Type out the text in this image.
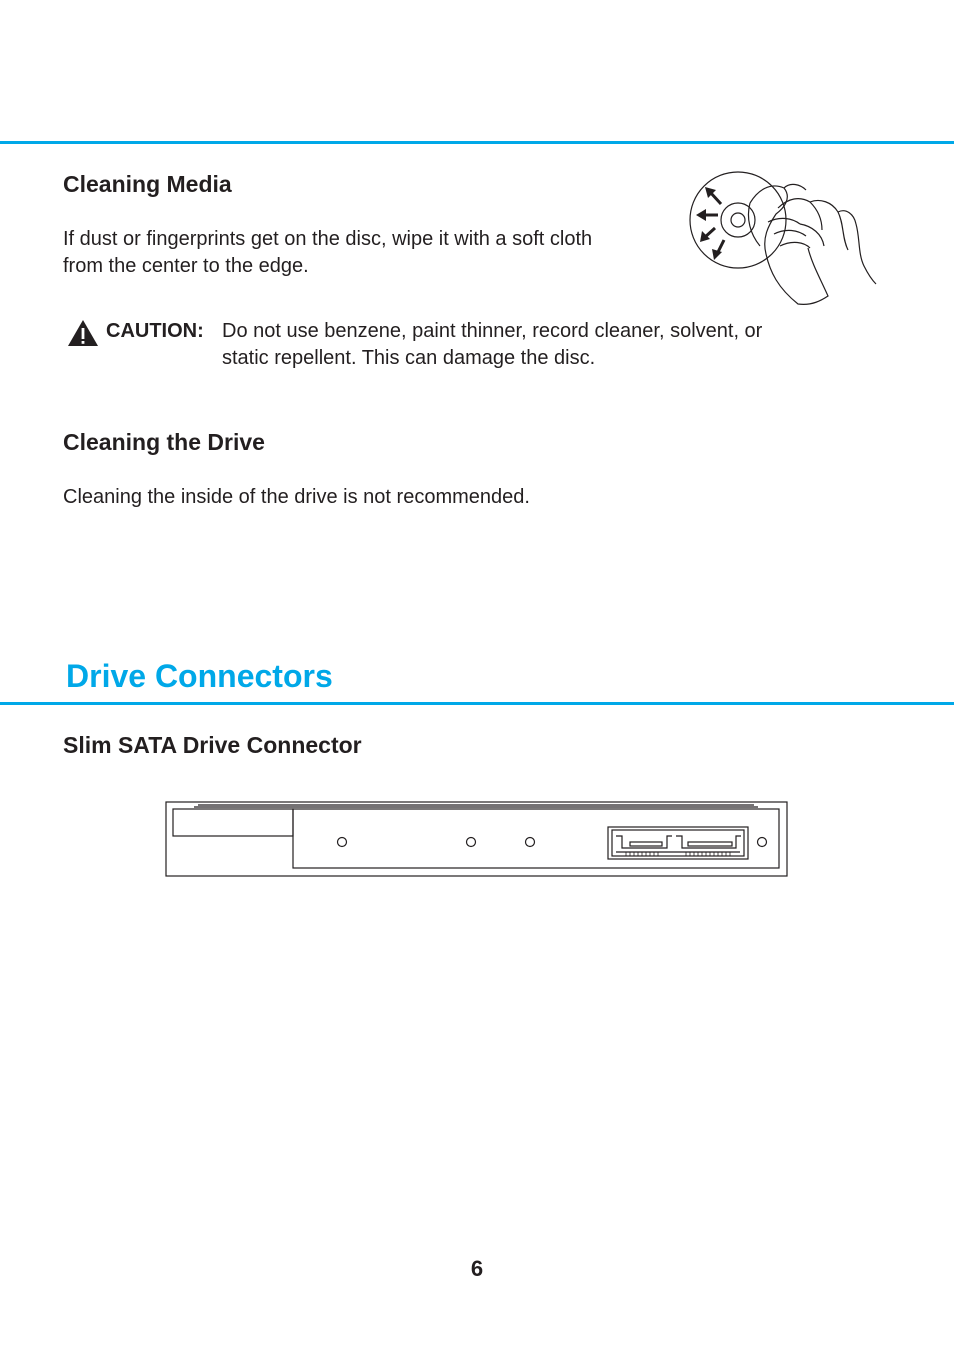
Cleaning Media

If dust or fingerprints get on the disc, wipe it with a soft cloth

from the center to the edge.

CAUTION: Do not use benzene, paint thinner, record cleaner, solvent, or
static repellent. This can damage the disc.
Cleaning the Drive

Cleaning the inside of the drive is not recommended.

Drive Connectors
Slim SATA Drive Connector
6
